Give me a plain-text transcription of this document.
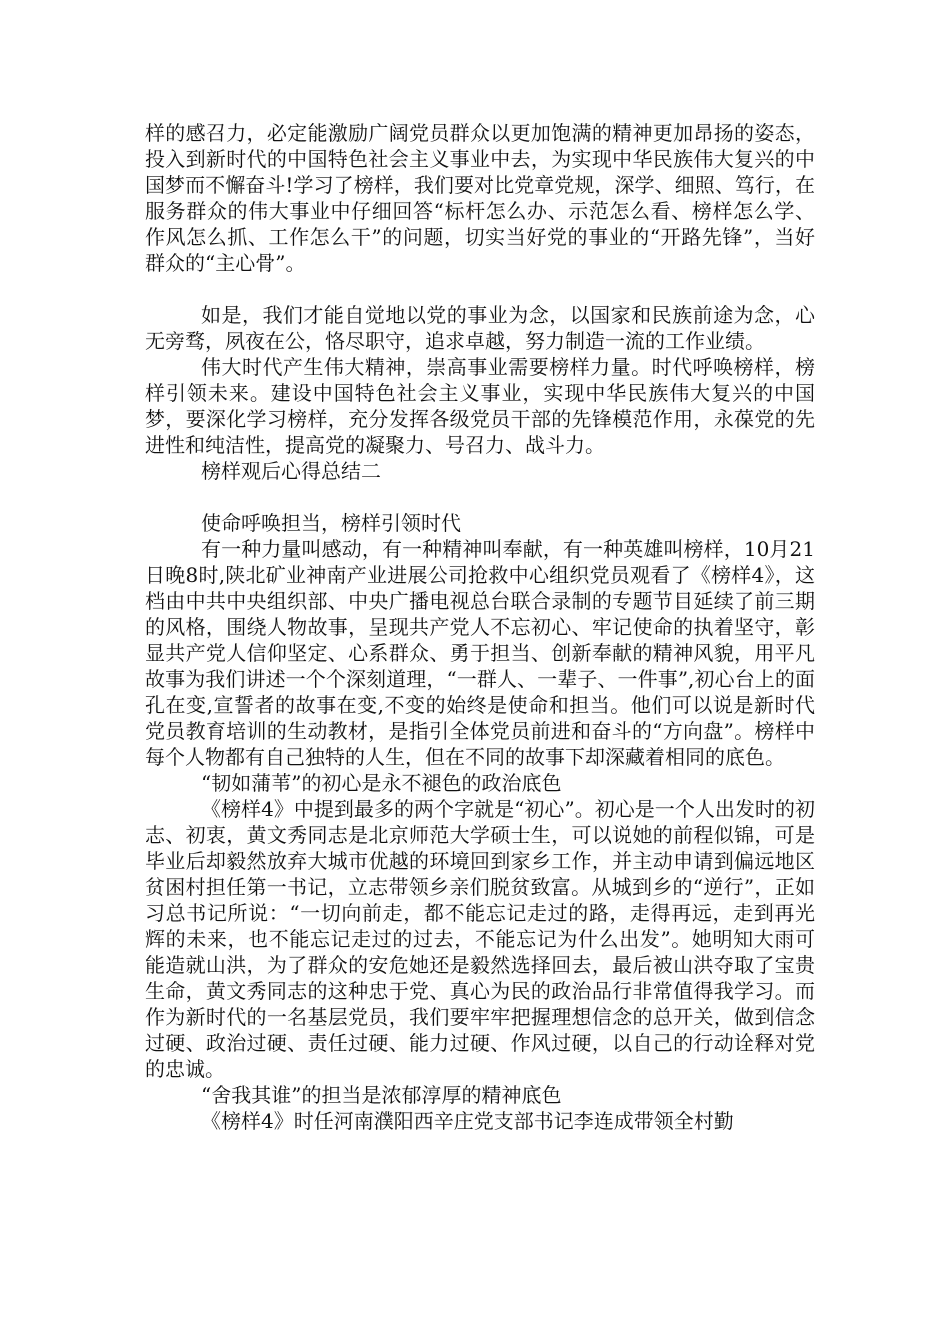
样的感召力，必定能激励广阔党员群众以更加饱满的精神更加昂扬的姿态，投入到新时代的中国特色社会主义事业中去，为实现中华民族伟大复兴的中国梦而不懈奋斗!学习了榜样，我们要对比党章党规，深学、细照、笃行，在服务群众的伟大事业中仔细回答“标杆怎么办、示范怎么看、榜样怎么学、作风怎么抓、工作怎么干”的问题，切实当好党的事业的“开路先锋”，当好群众的“主心骨”。

如是，我们才能自觉地以党的事业为念，以国家和民族前途为念，心无旁骛，夙夜在公，恪尽职守，追求卓越，努力制造一流的工作业绩。

伟大时代产生伟大精神，崇高事业需要榜样力量。时代呼唤榜样，榜样引领未来。建设中国特色社会主义事业，实现中华民族伟大复兴的中国梦，要深化学习榜样，充分发挥各级党员干部的先锋模范作用，永葆党的先进性和纯洁性，提高党的凝聚力、号召力、战斗力。

榜样观后心得总结二

使命呼唤担当，榜样引领时代

有一种力量叫感动，有一种精神叫奉献，有一种英雄叫榜样，10月21日晚8时,陕北矿业神南产业进展公司抢救中心组织党员观看了《榜样4》，这档由中共中央组织部、中央广播电视总台联合录制的专题节目延续了前三期的风格，围绕人物故事，呈现共产党人不忘初心、牢记使命的执着坚守，彰显共产党人信仰坚定、心系群众、勇于担当、创新奉献的精神风貌，用平凡故事为我们讲述一个个深刻道理，“一群人、一辈子、一件事”,初心台上的面孔在变,宣誓者的故事在变,不变的始终是使命和担当。他们可以说是新时代党员教育培训的生动教材，是指引全体党员前进和奋斗的“方向盘”。榜样中每个人物都有自己独特的人生，但在不同的故事下却深藏着相同的底色。

“韧如蒲苇”的初心是永不褪色的政治底色

《榜样4》中提到最多的两个字就是“初心”。初心是一个人出发时的初志、初衷，黄文秀同志是北京师范大学硕士生，可以说她的前程似锦，可是毕业后却毅然放弃大城市优越的环境回到家乡工作，并主动申请到偏远地区贫困村担任第一书记，立志带领乡亲们脱贫致富。从城到乡的“逆行”，正如习总书记所说：“一切向前走，都不能忘记走过的路，走得再远，走到再光辉的未来，也不能忘记走过的过去，不能忘记为什么出发”。她明知大雨可能造就山洪，为了群众的安危她还是毅然选择回去，最后被山洪夺取了宝贵生命，黄文秀同志的这种忠于党、真心为民的政治品行非常值得我学习。而作为新时代的一名基层党员，我们要牢牢把握理想信念的总开关，做到信念过硬、政治过硬、责任过硬、能力过硬、作风过硬，以自己的行动诠释对党的忠诚。

“舍我其谁”的担当是浓郁淳厚的精神底色

《榜样4》时任河南濮阳西辛庄党支部书记李连成带领全村勤
